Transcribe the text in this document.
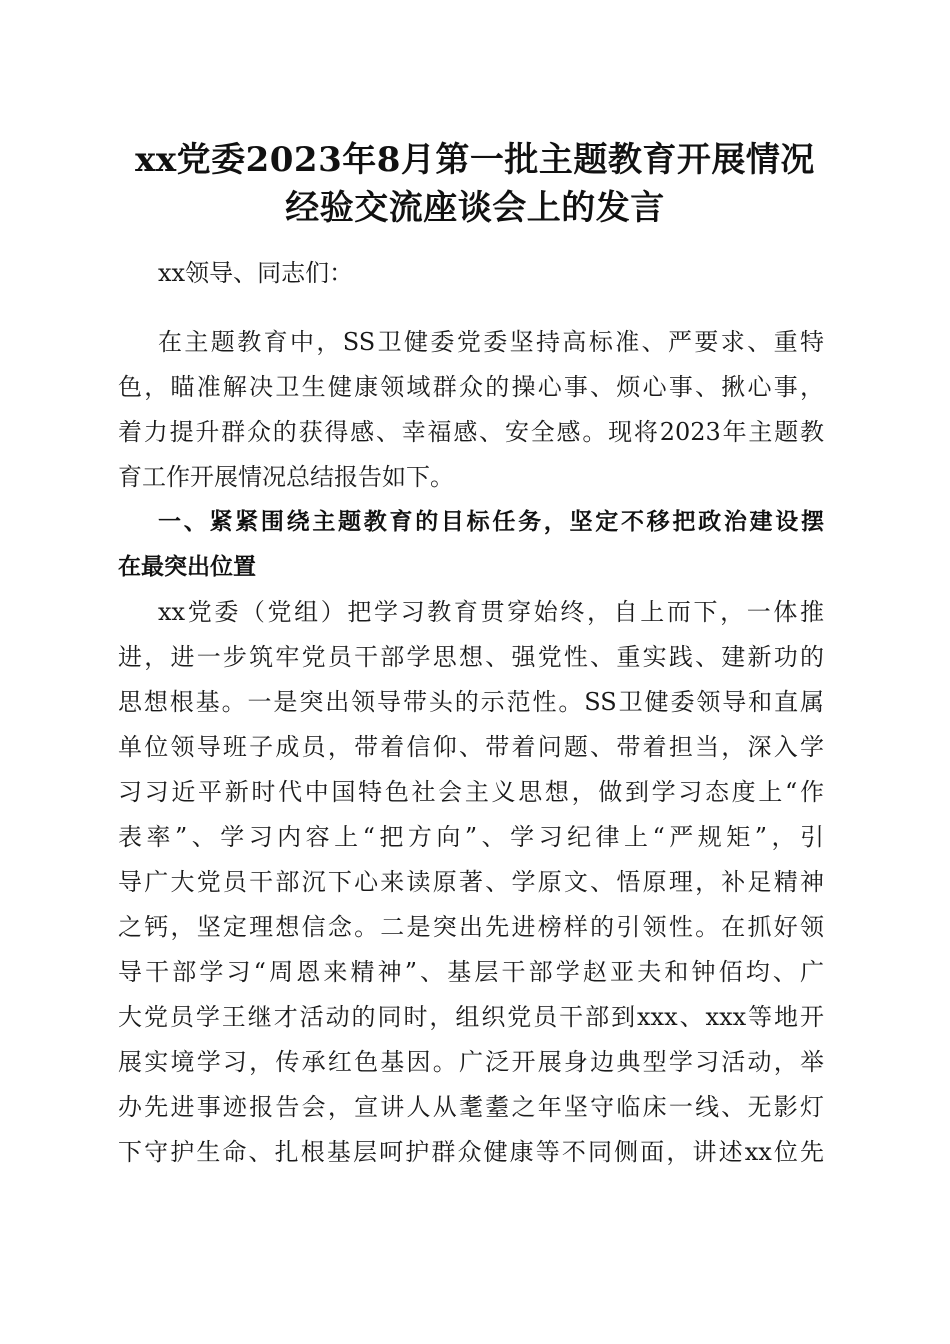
xx党委2023年8月第一批主题教育开展情况
经验交流座谈会上的发言
xx领导、同志们：
在主题教育中，SS卫健委党委坚持高标准、严要求、重特
色，瞄准解决卫生健康领域群众的操心事、烦心事、揪心事，
着力提升群众的获得感、幸福感、安全感。现将2023年主题教
育工作开展情况总结报告如下。
一、紧紧围绕主题教育的目标任务，坚定不移把政治建设摆
在最突出位置
xx党委（党组）把学习教育贯穿始终，自上而下，一体推
进，进一步筑牢党员干部学思想、强党性、重实践、建新功的
思想根基。一是突出领导带头的示范性。SS卫健委领导和直属
单位领导班子成员，带着信仰、带着问题、带着担当，深入学
习习近平新时代中国特色社会主义思想，做到学习态度上“作
表率”、学习内容上“把方向”、学习纪律上“严规矩”，引
导广大党员干部沉下心来读原著、学原文、悟原理，补足精神
之钙，坚定理想信念。二是突出先进榜样的引领性。在抓好领
导干部学习“周恩来精神”、基层干部学赵亚夫和钟佰均、广
大党员学王继才活动的同时，组织党员干部到xxx、xxx等地开
展实境学习，传承红色基因。广泛开展身边典型学习活动，举
办先进事迹报告会，宣讲人从耄耋之年坚守临床一线、无影灯
下守护生命、扎根基层呵护群众健康等不同侧面，讲述xx位先
